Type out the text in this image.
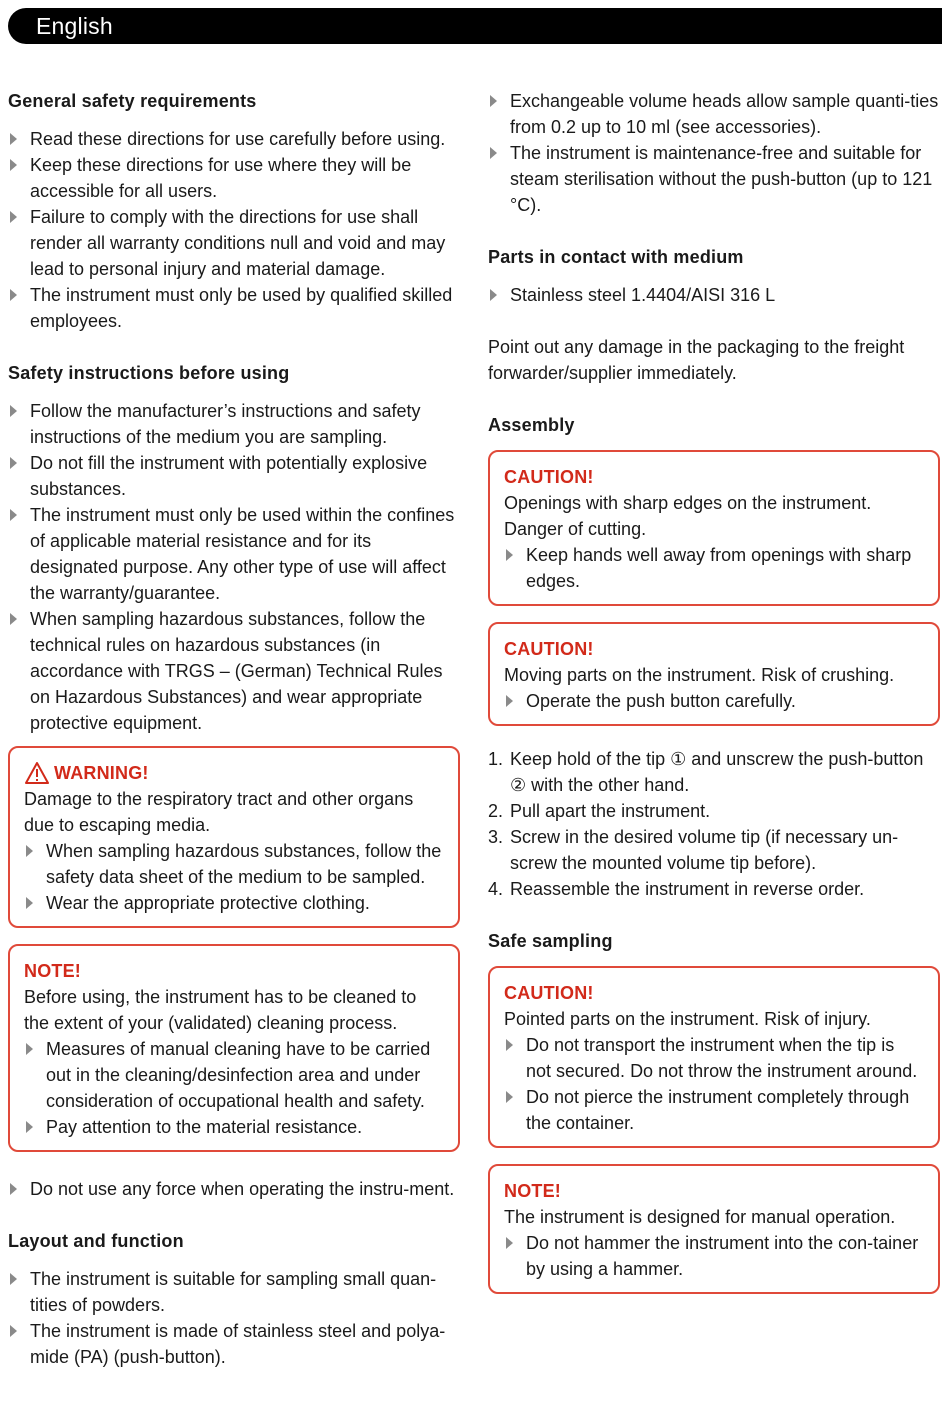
English
General safety requirements
Read these directions for use carefully before using.
Keep these directions for use where they will be accessible for all users.
Failure to comply with the directions for use shall render all warranty conditions null and void and may lead to personal injury and material damage.
The instrument must only be used by qualified skilled employees.
Safety instructions before using
Follow the manufacturer’s instructions and safety instructions of the medium you are sampling.
Do not fill the instrument with potentially explosive substances.
The instrument must only be used within the confines of applicable material resistance and for its designated purpose. Any other type of use will affect the warranty/guarantee.
When sampling hazardous substances, follow the technical rules on hazardous substances (in accordance with TRGS – (German) Technical Rules on Hazardous Substances) and wear appropriate protective equipment.
WARNING!
Damage to the respiratory tract and other organs due to escaping media.
When sampling hazardous substances, follow the safety data sheet of the medium to be sampled.
Wear the appropriate protective clothing.
NOTE!
Before using, the instrument has to be cleaned to the extent of your (validated) cleaning process.
Measures of manual cleaning have to be carried out in the cleaning/desinfection area and under consideration of occupational health and safety.
Pay attention to the material resistance.
Do not use any force when operating the instru-ment.
Layout and function
The instrument is suitable for sampling small quan-tities of powders.
The instrument is made of stainless steel and polya-mide (PA) (push-button).
Exchangeable volume heads allow sample quanti-ties from 0.2 up to 10 ml (see accessories).
The instrument is maintenance-free and suitable for steam sterilisation without the push-button (up to 121 °C).
Parts in contact with medium
Stainless steel 1.4404/AISI 316 L
Point out any damage in the packaging to the freight forwarder/supplier immediately.
Assembly
CAUTION!
Openings with sharp edges on the instrument. Danger of cutting.
Keep hands well away from openings with sharp edges.
CAUTION!
Moving parts on the instrument. Risk of crushing.
Operate the push button carefully.
1. Keep hold of the tip ① and unscrew the push-button ② with the other hand.
2. Pull apart the instrument.
3. Screw in the desired volume tip (if necessary un-screw the mounted volume tip before).
4. Reassemble the instrument in reverse order.
Safe sampling
CAUTION!
Pointed parts on the instrument. Risk of injury.
Do not transport the instrument when the tip is not secured. Do not throw the instrument around.
Do not pierce the instrument completely through the container.
NOTE!
The instrument is designed for manual operation.
Do not hammer the instrument into the con-tainer by using a hammer.
